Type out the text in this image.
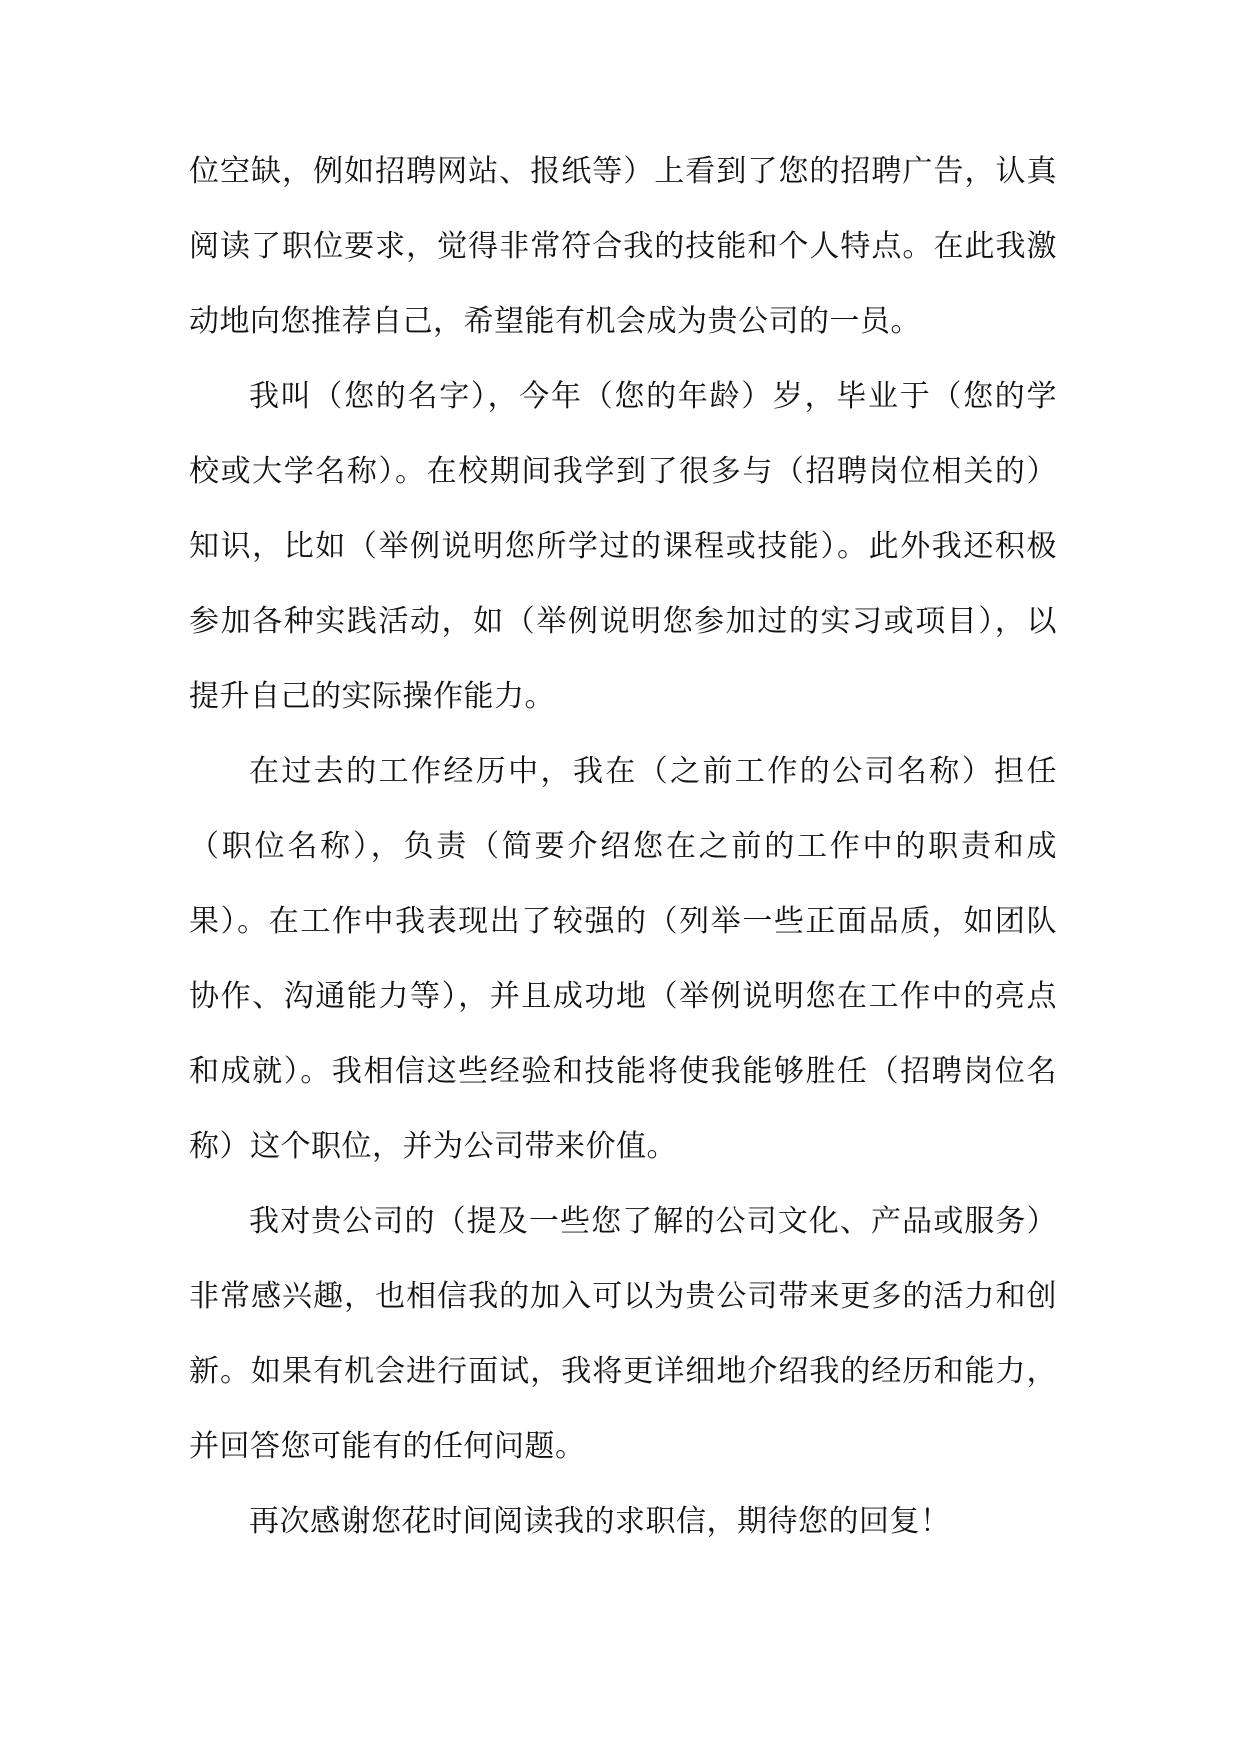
位空缺，例如招聘网站、报纸等）上看到了您的招聘广告，认真阅读了职位要求，觉得非常符合我的技能和个人特点。在此我激动地向您推荐自己，希望能有机会成为贵公司的一员。

我叫（您的名字），今年（您的年龄）岁，毕业于（您的学校或大学名称）。在校期间我学到了很多与（招聘岗位相关的）知识，比如（举例说明您所学过的课程或技能）。此外我还积极参加各种实践活动，如（举例说明您参加过的实习或项目），以提升自己的实际操作能力。

在过去的工作经历中，我在（之前工作的公司名称）担任（职位名称），负责（简要介绍您在之前的工作中的职责和成果）。在工作中我表现出了较强的（列举一些正面品质，如团队协作、沟通能力等），并且成功地（举例说明您在工作中的亮点和成就）。我相信这些经验和技能将使我能够胜任（招聘岗位名称）这个职位，并为公司带来价值。

我对贵公司的（提及一些您了解的公司文化、产品或服务）非常感兴趣，也相信我的加入可以为贵公司带来更多的活力和创新。如果有机会进行面试，我将更详细地介绍我的经历和能力，并回答您可能有的任何问题。

再次感谢您花时间阅读我的求职信，期待您的回复！
